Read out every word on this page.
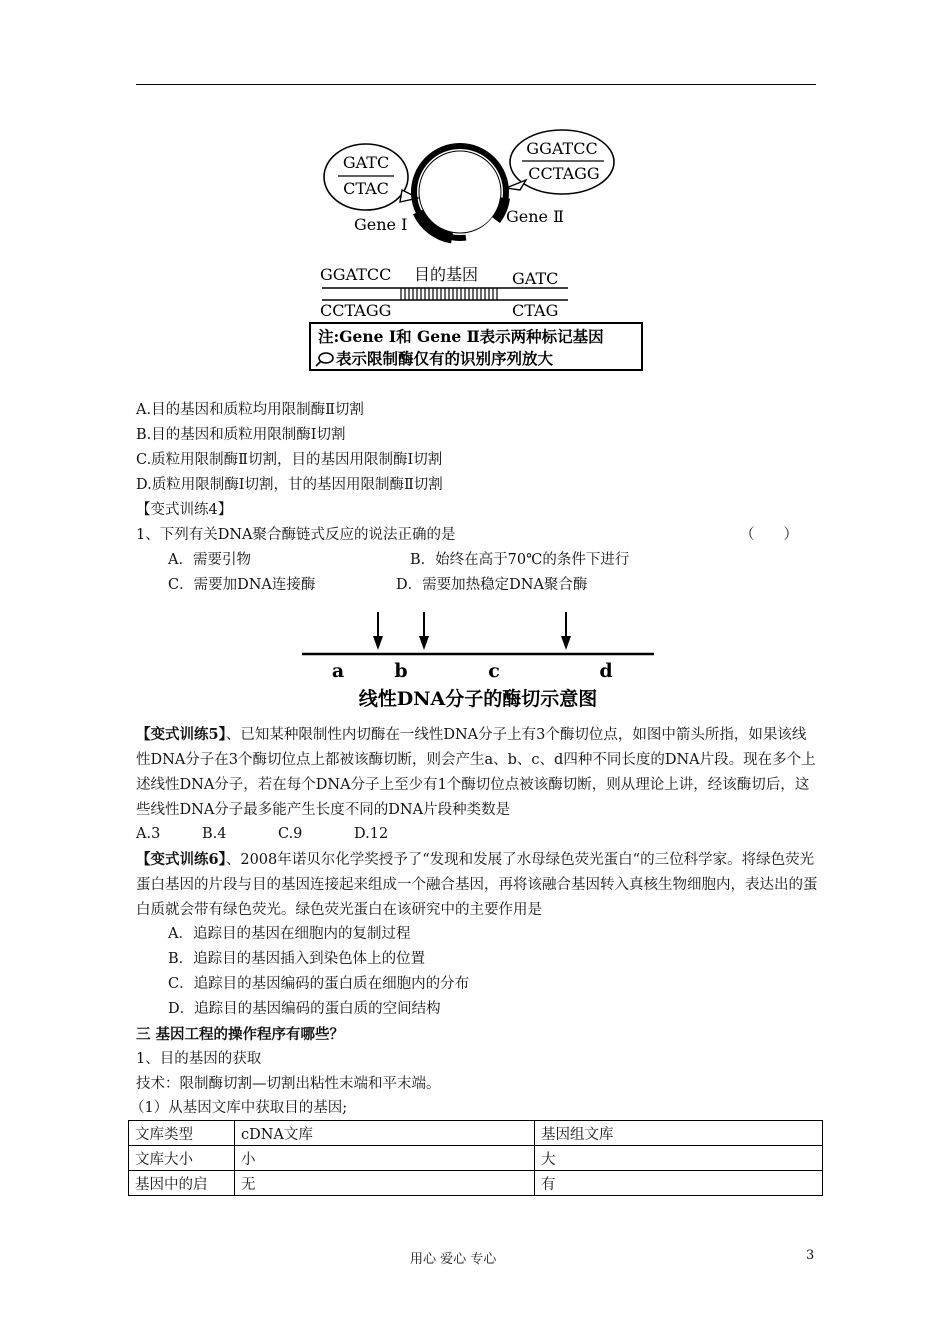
GATC
CTAC
GGATCC
CCTAGG
Gene Ⅰ	Gene Ⅱ
GGATCC 目的基因 GATC
CCTAGG	CTAG
注:Gene Ⅰ和 Gene Ⅱ表示两种标记基因
表示限制酶仅有的识别序列放大
A.目的基因和质粒均用限制酶Ⅱ切割
B.目的基因和质粒用限制酶I切割
C.质粒用限制酶Ⅱ切割，目的基因用限制酶I切割
D.质粒用限制酶I切割，甘的基因用限制酶Ⅱ切割
【变式训练4】
1、下列有关DNA聚合酶链式反应的说法正确的是	（　　）
A．需要引物	B．始终在高于70℃的条件下进行
C．需要加DNA连接酶	D．需要加热稳定DNA聚合酶
a	b	c	d
线性DNA分子的酶切示意图
【变式训练5】、已知某种限制性内切酶在一线性DNA分子上有3个酶切位点，如图中箭头所指，如果该线性DNA分子在3个酶切位点上都被该酶切断，则会产生a、b、c、d四种不同长度的DNA片段。现在多个上述线性DNA分子，若在每个DNA分子上至少有1个酶切位点被该酶切断，则从理论上讲，经该酶切后，这些线性DNA分子最多能产生长度不同的DNA片段种类数是
A.3	B.4	C.9	D.12
【变式训练6】、2008年诺贝尔化学奖授予了“发现和发展了水母绿色荧光蛋白“的三位科学家。将绿色荧光蛋白基因的片段与目的基因连接起来组成一个融合基因，再将该融合基因转入真核生物细胞内，表达出的蛋白质就会带有绿色荧光。绿色荧光蛋白在该研究中的主要作用是
A．追踪目的基因在细胞内的复制过程
B．追踪目的基因插入到染色体上的位置
C．追踪目的基因编码的蛋白质在细胞内的分布
D．追踪目的基因编码的蛋白质的空间结构
三 基因工程的操作程序有哪些？
1、目的基因的获取
技术：限制酶切割—切割出粘性末端和平末端。
（1）从基因文库中获取目的基因;
文库类型	cDNA文库	基因组文库
文库大小	小	大
基因中的启	无	有
用心 爱心 专心	3
